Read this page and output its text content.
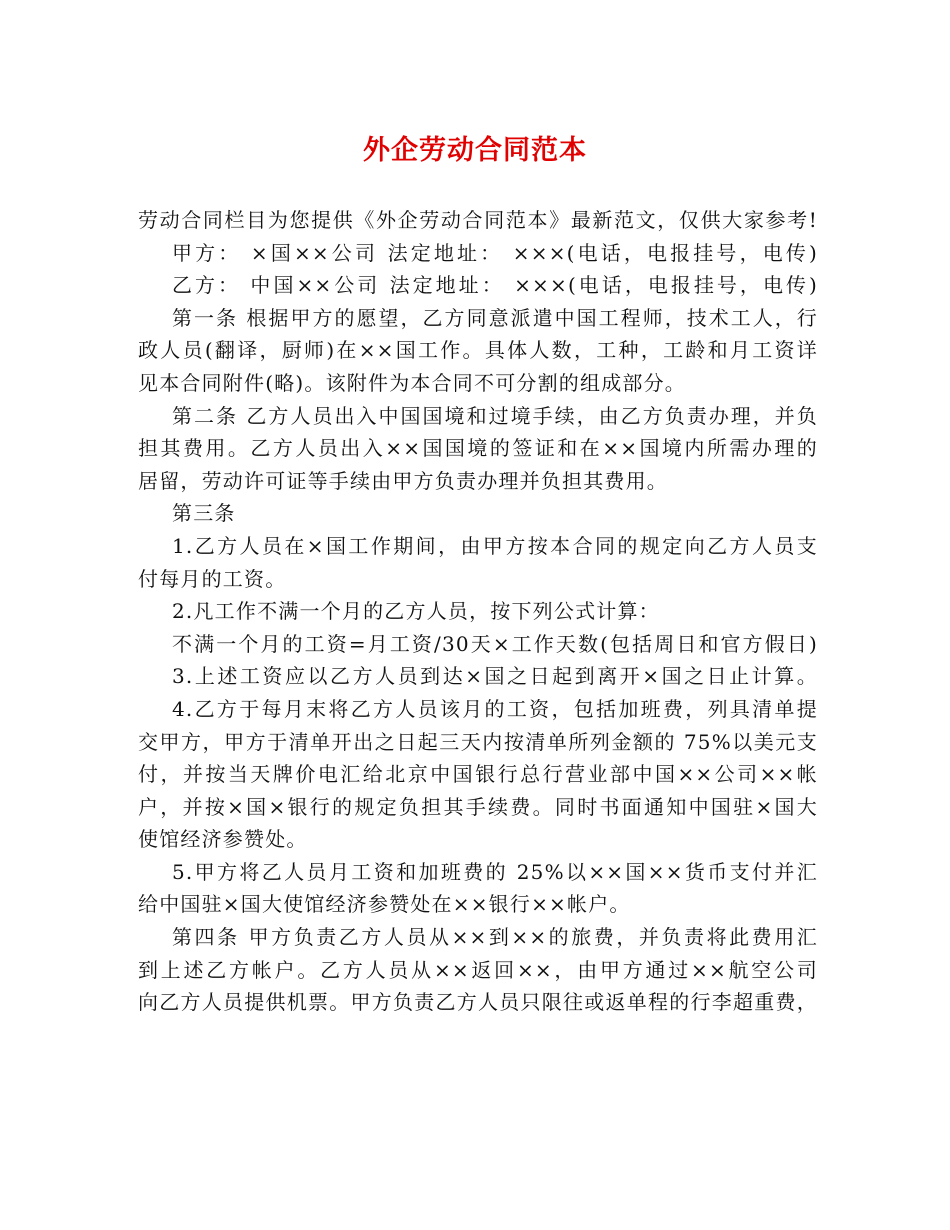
外企劳动合同范本
劳动合同栏目为您提供《外企劳动合同范本》最新范文，仅供大家参考!
甲方： ×国××公司 法定地址： ×××(电话，电报挂号，电传)
乙方： 中国××公司 法定地址： ×××(电话，电报挂号，电传)
第一条 根据甲方的愿望，乙方同意派遣中国工程师，技术工人，行
政人员(翻译，厨师)在××国工作。具体人数，工种，工龄和月工资详
见本合同附件(略)。该附件为本合同不可分割的组成部分。
第二条 乙方人员出入中国国境和过境手续，由乙方负责办理，并负
担其费用。乙方人员出入××国国境的签证和在××国境内所需办理的
居留，劳动许可证等手续由甲方负责办理并负担其费用。
第三条
1.乙方人员在×国工作期间，由甲方按本合同的规定向乙方人员支
付每月的工资。
2.凡工作不满一个月的乙方人员，按下列公式计算：
不满一个月的工资=月工资/30天×工作天数(包括周日和官方假日)
3.上述工资应以乙方人员到达×国之日起到离开×国之日止计算。
4.乙方于每月末将乙方人员该月的工资，包括加班费，列具清单提
交甲方，甲方于清单开出之日起三天内按清单所列金额的 75%以美元支
付，并按当天牌价电汇给北京中国银行总行营业部中国××公司××帐
户，并按×国×银行的规定负担其手续费。同时书面通知中国驻×国大
使馆经济参赞处。
5.甲方将乙人员月工资和加班费的 25%以××国××货币支付并汇
给中国驻×国大使馆经济参赞处在××银行××帐户。
第四条 甲方负责乙方人员从××到××的旅费，并负责将此费用汇
到上述乙方帐户。乙方人员从××返回××，由甲方通过××航空公司
向乙方人员提供机票。甲方负责乙方人员只限往或返单程的行李超重费，
